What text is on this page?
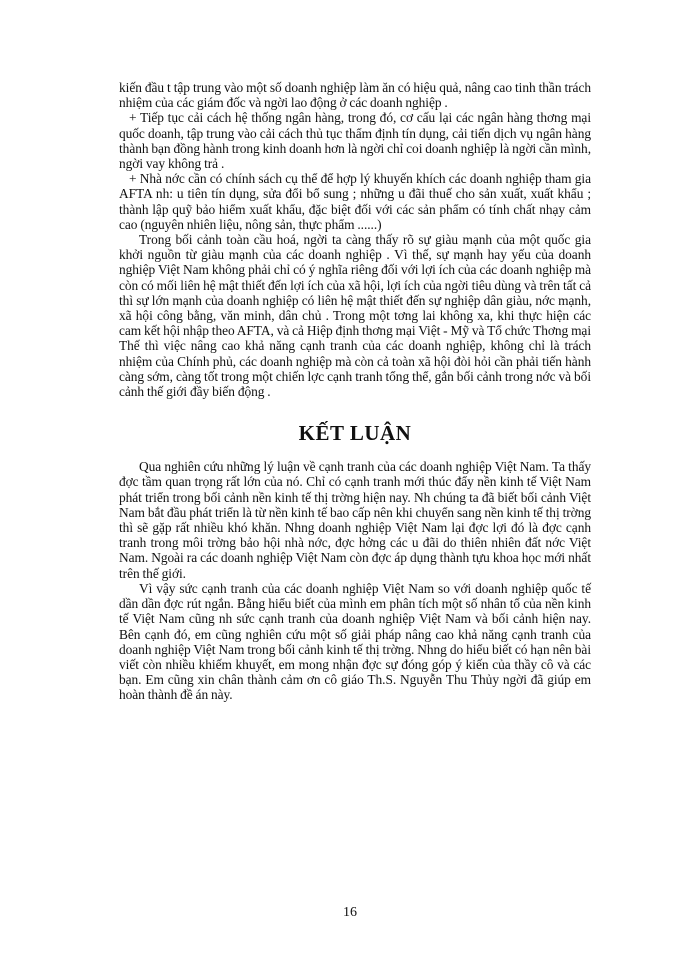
kiến đầu t tập trung vào một số doanh nghiệp làm ăn có hiệu quả, nâng cao tinh thần trách nhiệm của các giám đốc và ngời lao động ở các doanh nghiệp .

+ Tiếp tục cải cách hệ thống ngân hàng, trong đó, cơ cấu lại các ngân hàng thơng mại quốc doanh, tập trung vào cải cách thủ tục thẩm định tín dụng, cải tiến dịch vụ ngân hàng thành bạn đồng hành trong kinh doanh hơn là ngời chỉ coi doanh nghiệp là ngời cần mình, ngời vay không trả .

+ Nhà nớc cần có chính sách cụ thể để hợp lý khuyến khích các doanh nghiệp tham gia AFTA nh: u tiên tín dụng, sửa đổi bổ sung ; những u đãi thuế cho sản xuất, xuất khẩu ; thành lập quỹ bảo hiểm xuất khẩu, đặc biệt đối với các sản phẩm có tính chất nhạy cảm cao (nguyên nhiên liệu, nông sản, thực phẩm ......)

Trong bối cảnh toàn cầu hoá, ngời ta càng thấy rõ sự giàu mạnh của một quốc gia khởi nguồn từ giàu mạnh của các doanh nghiệp . Vì thế, sự mạnh hay yếu của doanh nghiệp Việt Nam không phải chỉ có ý nghĩa riêng đối với lợi ích của các doanh nghiệp mà còn có mối liên hệ mật thiết đến lợi ích của xã hội, lợi ích của ngời tiêu dùng và trên tất cả thì sự lớn mạnh của doanh nghiệp có liên hệ mật thiết đến sự nghiệp dân giàu, nớc mạnh, xã hội công bằng, văn minh, dân chủ . Trong một tơng lai không xa, khi thực hiện các cam kết hội nhập theo AFTA, và cả Hiệp định thơng mại Việt - Mỹ và Tổ chức Thơng mại Thế thì việc nâng cao khả năng cạnh tranh của các doanh nghiệp, không chỉ là trách nhiệm của Chính phủ, các doanh nghiệp mà còn cả toàn xã hội đòi hỏi cần phải tiến hành càng sớm, càng tốt trong một chiến lợc cạnh tranh tổng thể, gắn bối cảnh trong nớc và bối cảnh thế giới đầy biến động .

KẾT LUẬN

Qua nghiên cứu những lý luận về cạnh tranh của các doanh nghiệp Việt Nam. Ta thấy đợc tầm quan trọng rất lớn của nó. Chỉ có cạnh tranh mới thúc đẩy nền kinh tế Việt Nam phát triển trong bối cảnh nền kinh tế thị trờng hiện nay. Nh chúng ta đã biết bối cảnh Việt Nam bắt đầu phát triển là từ nền kinh tế bao cấp nên khi chuyển sang nền kinh tế thị trờng thì sẽ gặp rất nhiều khó khăn. Nhng doanh nghiệp Việt Nam lại đợc lợi đó là đợc cạnh tranh trong môi trờng bảo hội nhà nớc, đợc hởng các u đãi do thiên nhiên đất nớc Việt Nam. Ngoài ra các doanh nghiệp Việt Nam còn đợc áp dụng thành tựu khoa học mới nhất trên thế giới.

Vì vậy sức cạnh tranh của các doanh nghiệp Việt Nam so với doanh nghiệp quốc tế dần dần đợc rút ngắn. Bằng hiểu biết của mình em phân tích một số nhân tố của nền kinh tế Việt Nam cũng nh sức cạnh tranh của doanh nghiệp Việt Nam và bối cảnh hiện nay. Bên cạnh đó, em cũng nghiên cứu một số giải pháp nâng cao khả năng cạnh tranh của doanh nghiệp Việt Nam trong bối cảnh kinh tế thị trờng. Nhng do hiểu biết có hạn nên bài viết còn nhiều khiếm khuyết, em mong nhận đợc sự đóng góp ý kiến của thầy cô và các bạn. Em cũng xin chân thành cảm ơn cô giáo Th.S. Nguyễn Thu Thủy ngời đã giúp em hoàn thành đề án này.

16
